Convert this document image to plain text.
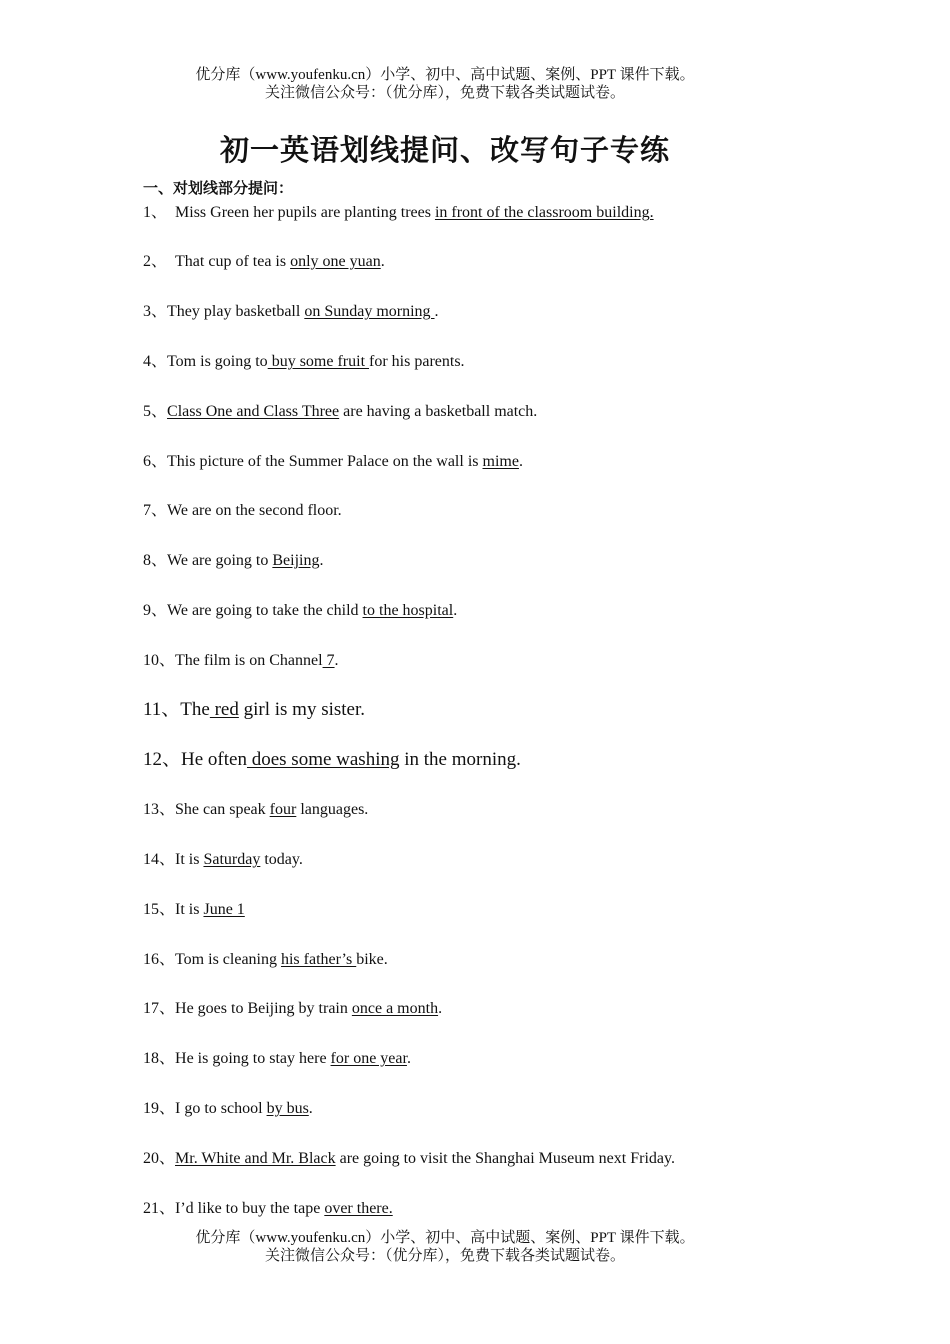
优分库（www.youfenku.cn）小学、初中、高中试题、案例、PPT 课件下载。
关注微信公众号：（优分库），免费下载各类试题试卷。
初一英语划线提问、改写句子专练
一、对划线部分提问：
1、  Miss Green her pupils are planting trees in front of the classroom building.
2、  That cup of tea is only one yuan.
3、They play basketball on Sunday morning .
4、Tom is going to buy some fruit for his parents.
5、Class One and Class Three are having a basketball match.
6、This picture of the Summer Palace on the wall is mime.
7、We are on the second floor.
8、We are going to Beijing.
9、We are going to take the child to the hospital.
10、The film is on Channel 7.
11、The red girl is my sister.
12、He often does some washing in the morning.
13、She can speak four languages.
14、It is Saturday today.
15、It is June 1
16、Tom is cleaning his father’s bike.
17、He goes to Beijing by train once a month.
18、He is going to stay here for one year.
19、I go to school by bus.
20、Mr. White and Mr. Black are going to visit the Shanghai Museum next Friday.
21、I’d like to buy the tape over there.
优分库（www.youfenku.cn）小学、初中、高中试题、案例、PPT 课件下载。
关注微信公众号：（优分库），免费下载各类试题试卷。
